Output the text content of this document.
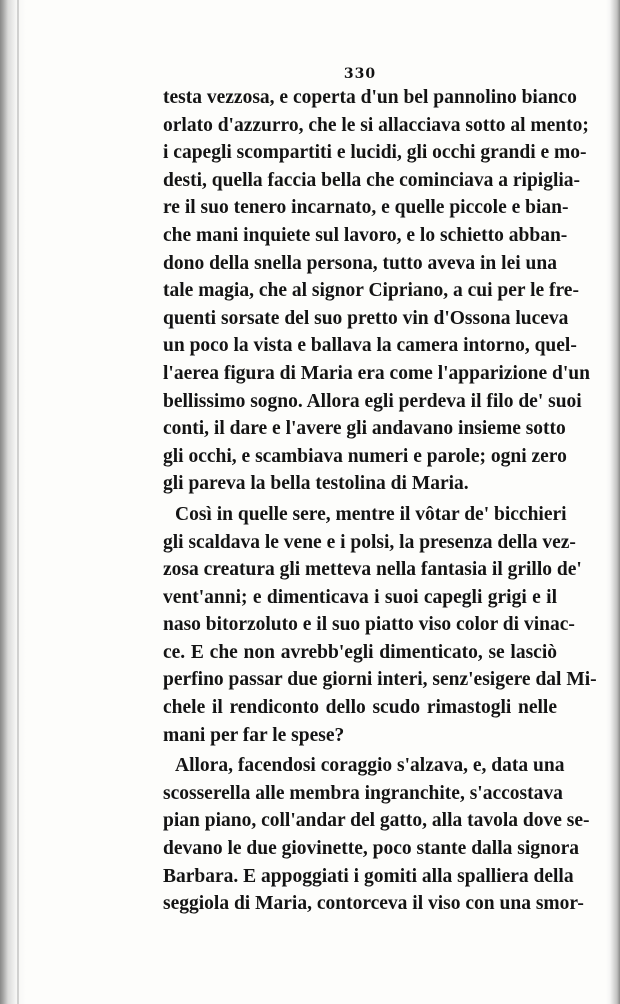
330
testa vezzosa, e coperta d'un bel pannolino bianco
orlato d'azzurro, che le si allacciava sotto al mento;
i capegli scompartiti e lucidi, gli occhi grandi e mo-
desti, quella faccia bella che cominciava a ripiglia-
re il suo tenero incarnato, e quelle piccole e bian-
che mani inquiete sul lavoro, e lo schietto abban-
dono della snella persona, tutto aveva in lei una
tale magia, che al signor Cipriano, a cui per le fre-
quenti sorsate del suo pretto vin d'Ossona luceva
un poco la vista e ballava la camera intorno, quel-
l'aerea figura di Maria era come l'apparizione d'un
bellissimo sogno. Allora egli perdeva il filo de' suoi
conti, il dare e l'avere gli andavano insieme sotto
gli occhi, e scambiava numeri e parole; ogni zero
gli pareva la bella testolina di Maria.
Così in quelle sere, mentre il vôtar de' bicchieri
gli scaldava le vene e i polsi, la presenza della vez-
zosa creatura gli metteva nella fantasia il grillo de'
vent'anni; e dimenticava i suoi capegli grigi e il
naso bitorzoluto e il suo piatto viso color di vinac-
ce. E che non avrebb'egli dimenticato, se lasciò
perfino passar due giorni interi, senz'esigere dal Mi-
chele il rendiconto dello scudo rimastogli nelle
mani per far le spese?
Allora, facendosi coraggio s'alzava, e, data una
scosserella alle membra ingranchite, s'accostava
pian piano, coll'andar del gatto, alla tavola dove se-
devano le due giovinette, poco stante dalla signora
Barbara. E appoggiati i gomiti alla spalliera della
seggiola di Maria, contorceva il viso con una smor-
